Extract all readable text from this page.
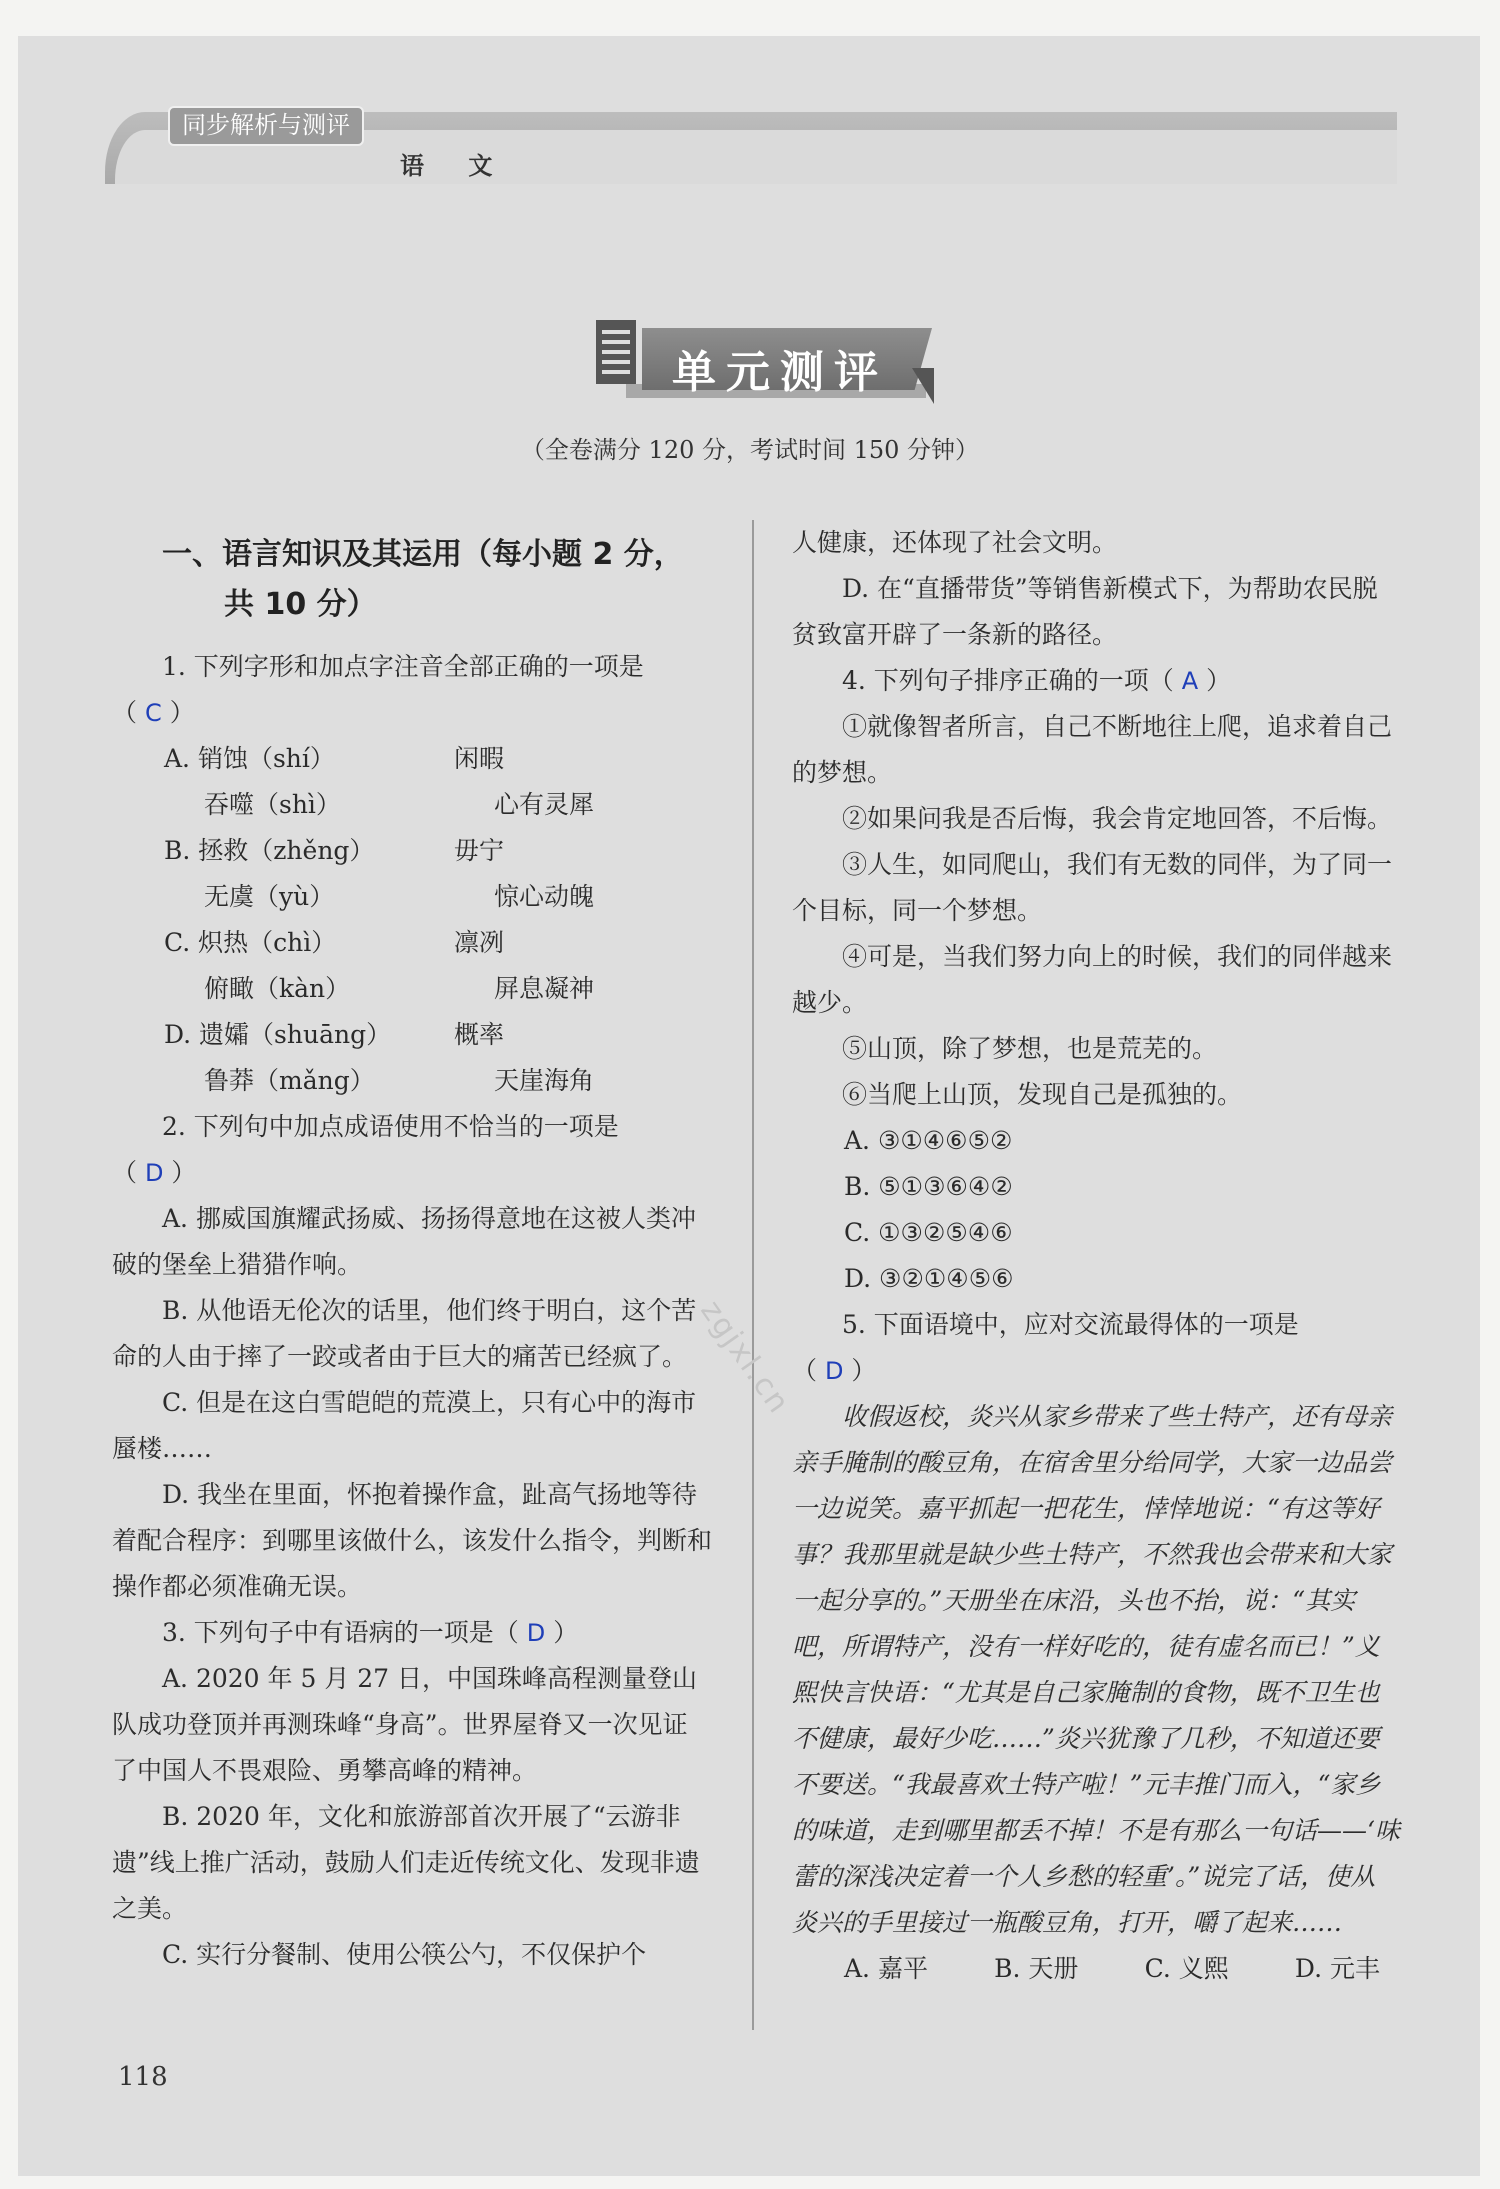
同步解析与测评
语 文
单元测评
（全卷满分 120 分，考试时间 150 分钟）
一、语言知识及其运用（每小题 2 分，
共 10 分）

1. 下列字形和加点字注音全部正确的一项是

（ C ）

A. 销蚀（shí）	闲暇
吞噬（shì）	心有灵犀
B. 拯救（zhěng）	毋宁
无虞（yù）	惊心动魄
C. 炽热（chì）	凛冽
俯瞰（kàn）	屏息凝神
D. 遗孀（shuāng）	概率
鲁莽（mǎng）	天崖海角

2. 下列句中加点成语使用不恰当的一项是

（ D ）

A. 挪威国旗耀武扬威、扬扬得意地在这被人类冲破的堡垒上猎猎作响。

B. 从他语无伦次的话里，他们终于明白，这个苦命的人由于摔了一跤或者由于巨大的痛苦已经疯了。

C. 但是在这白雪皑皑的荒漠上，只有心中的海市蜃楼……

D. 我坐在里面，怀抱着操作盒，趾高气扬地等待着配合程序：到哪里该做什么，该发什么指令，判断和操作都必须准确无误。

3. 下列句子中有语病的一项是（ D ）

A. 2020 年 5 月 27 日，中国珠峰高程测量登山队成功登顶并再测珠峰“身高”。世界屋脊又一次见证了中国人不畏艰险、勇攀高峰的精神。

B. 2020 年，文化和旅游部首次开展了“云游非遗”线上推广活动，鼓励人们走近传统文化、发现非遗之美。

C. 实行分餐制、使用公筷公勺，不仅保护个

人健康，还体现了社会文明。

D. 在“直播带货”等销售新模式下，为帮助农民脱贫致富开辟了一条新的路径。

4. 下列句子排序正确的一项（ A ）

①就像智者所言，自己不断地往上爬，追求着自己的梦想。

②如果问我是否后悔，我会肯定地回答，不后悔。

③人生，如同爬山，我们有无数的同伴，为了同一个目标，同一个梦想。

④可是，当我们努力向上的时候，我们的同伴越来越少。

⑤山顶，除了梦想，也是荒芜的。

⑥当爬上山顶，发现自己是孤独的。

A. ③①④⑥⑤②
B. ⑤①③⑥④②
C. ①③②⑤④⑥
D. ③②①④⑤⑥

5. 下面语境中，应对交流最得体的一项是

（ D ）

收假返校，炎兴从家乡带来了些土特产，还有母亲亲手腌制的酸豆角，在宿舍里分给同学，大家一边品尝一边说笑。嘉平抓起一把花生，悻悻地说：“有这等好事？我那里就是缺少些土特产，不然我也会带来和大家一起分享的。”天册坐在床沿，头也不抬，说：“其实吧，所谓特产，没有一样好吃的，徒有虚名而已！”义熙快言快语：“尤其是自己家腌制的食物，既不卫生也不健康，最好少吃……”炎兴犹豫了几秒，不知道还要不要送。“我最喜欢土特产啦！”元丰推门而入，“家乡的味道，走到哪里都丢不掉！不是有那么一句话——‘味蕾的深浅决定着一个人乡愁的轻重’。”说完了话，使从炎兴的手里接过一瓶酸豆角，打开，嚼了起来……

A. 嘉平	B. 天册	C. 义熙	D. 元丰
zgjxl.cn
118
